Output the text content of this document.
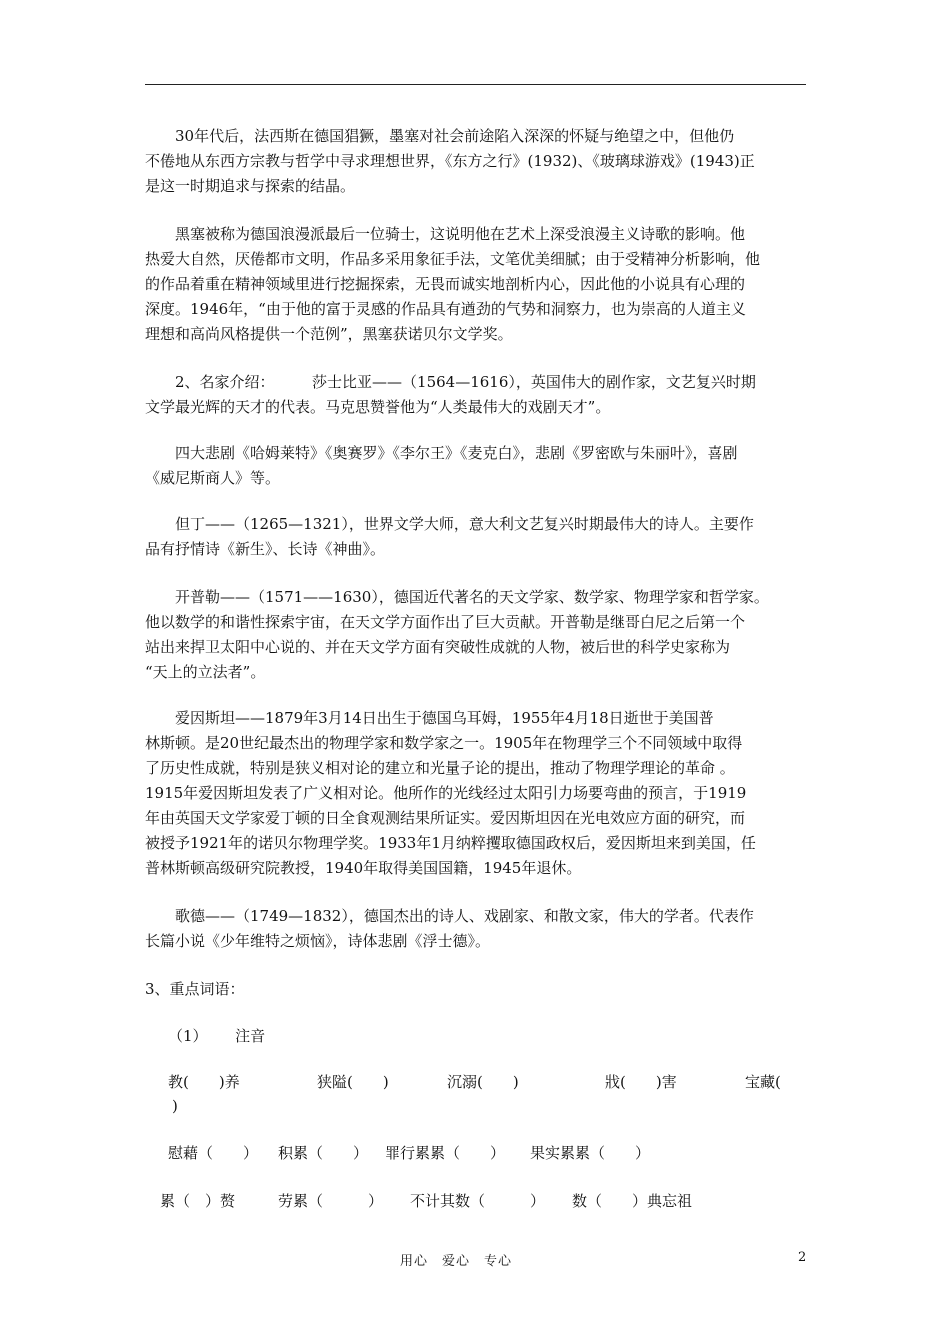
　　30年代后，法西斯在德国猖獗，墨塞对社会前途陷入深深的怀疑与绝望之中，但他仍
不倦地从东西方宗教与哲学中寻求理想世界，《东方之行》(1932)、《玻璃球游戏》(1943)正
是这一时期追求与探索的结晶。
　　黑塞被称为德国浪漫派最后一位骑士，这说明他在艺术上深受浪漫主义诗歌的影响。他
热爱大自然，厌倦都市文明，作品多采用象征手法，文笔优美细腻；由于受精神分析影响，他
的作品着重在精神领域里进行挖掘探索，无畏而诚实地剖析内心，因此他的小说具有心理的
深度。1946年，“由于他的富于灵感的作品具有遒劲的气势和洞察力，也为崇高的人道主义
理想和高尚风格提供一个范例”，黑塞获诺贝尔文学奖。
　　2、名家介绍：　　　莎士比亚——（1564—1616），英国伟大的剧作家，文艺复兴时期
文学最光辉的天才的代表。马克思赞誉他为“人类最伟大的戏剧天才”。
　　四大悲剧《哈姆莱特》《奥赛罗》《李尔王》《麦克白》，悲剧《罗密欧与朱丽叶》，喜剧
《威尼斯商人》等。
　　但丁——（1265—1321），世界文学大师，意大利文艺复兴时期最伟大的诗人。主要作
品有抒情诗《新生》、长诗《神曲》。
　　开普勒——（1571——1630），德国近代著名的天文学家、数学家、物理学家和哲学家。
他以数学的和谐性探索宇宙，在天文学方面作出了巨大贡献。开普勒是继哥白尼之后第一个
站出来捍卫太阳中心说的、并在天文学方面有突破性成就的人物，被后世的科学史家称为
“天上的立法者”。
　　爱因斯坦——1879年3月14日出生于德国乌耳姆，1955年4月18日逝世于美国普
林斯顿。是20世纪最杰出的物理学家和数学家之一。1905年在物理学三个不同领域中取得
了历史性成就，特别是狭义相对论的建立和光量子论的提出，推动了物理学理论的革命 。
1915年爱因斯坦发表了广义相对论。他所作的光线经过太阳引力场要弯曲的预言，于1919
年由英国天文学家爱丁顿的日全食观测结果所证实。爱因斯坦因在光电效应方面的研究，而
被授予1921年的诺贝尔物理学奖。1933年1月纳粹攫取德国政权后，爱因斯坦来到美国，任
普林斯顿高级研究院教授，1940年取得美国国籍，1945年退休。
　　歌德——（1749—1832），德国杰出的诗人、戏剧家、和散文家，伟大的学者。代表作
长篇小说《少年维特之烦恼》，诗体悲剧《浮士德》。
3、重点词语：
（1） 注音
教(　　)养	狭隘(　　)	沉溺(　　)	戕(　　)害	宝藏(
)
慰藉（　　） 积累（　　） 罪行累累（　　） 果实累累（　　）
累（　）赘	劳累（　　　） 不计其数（　　　） 数（　　）典忘祖
用心　爱心　专心	2
